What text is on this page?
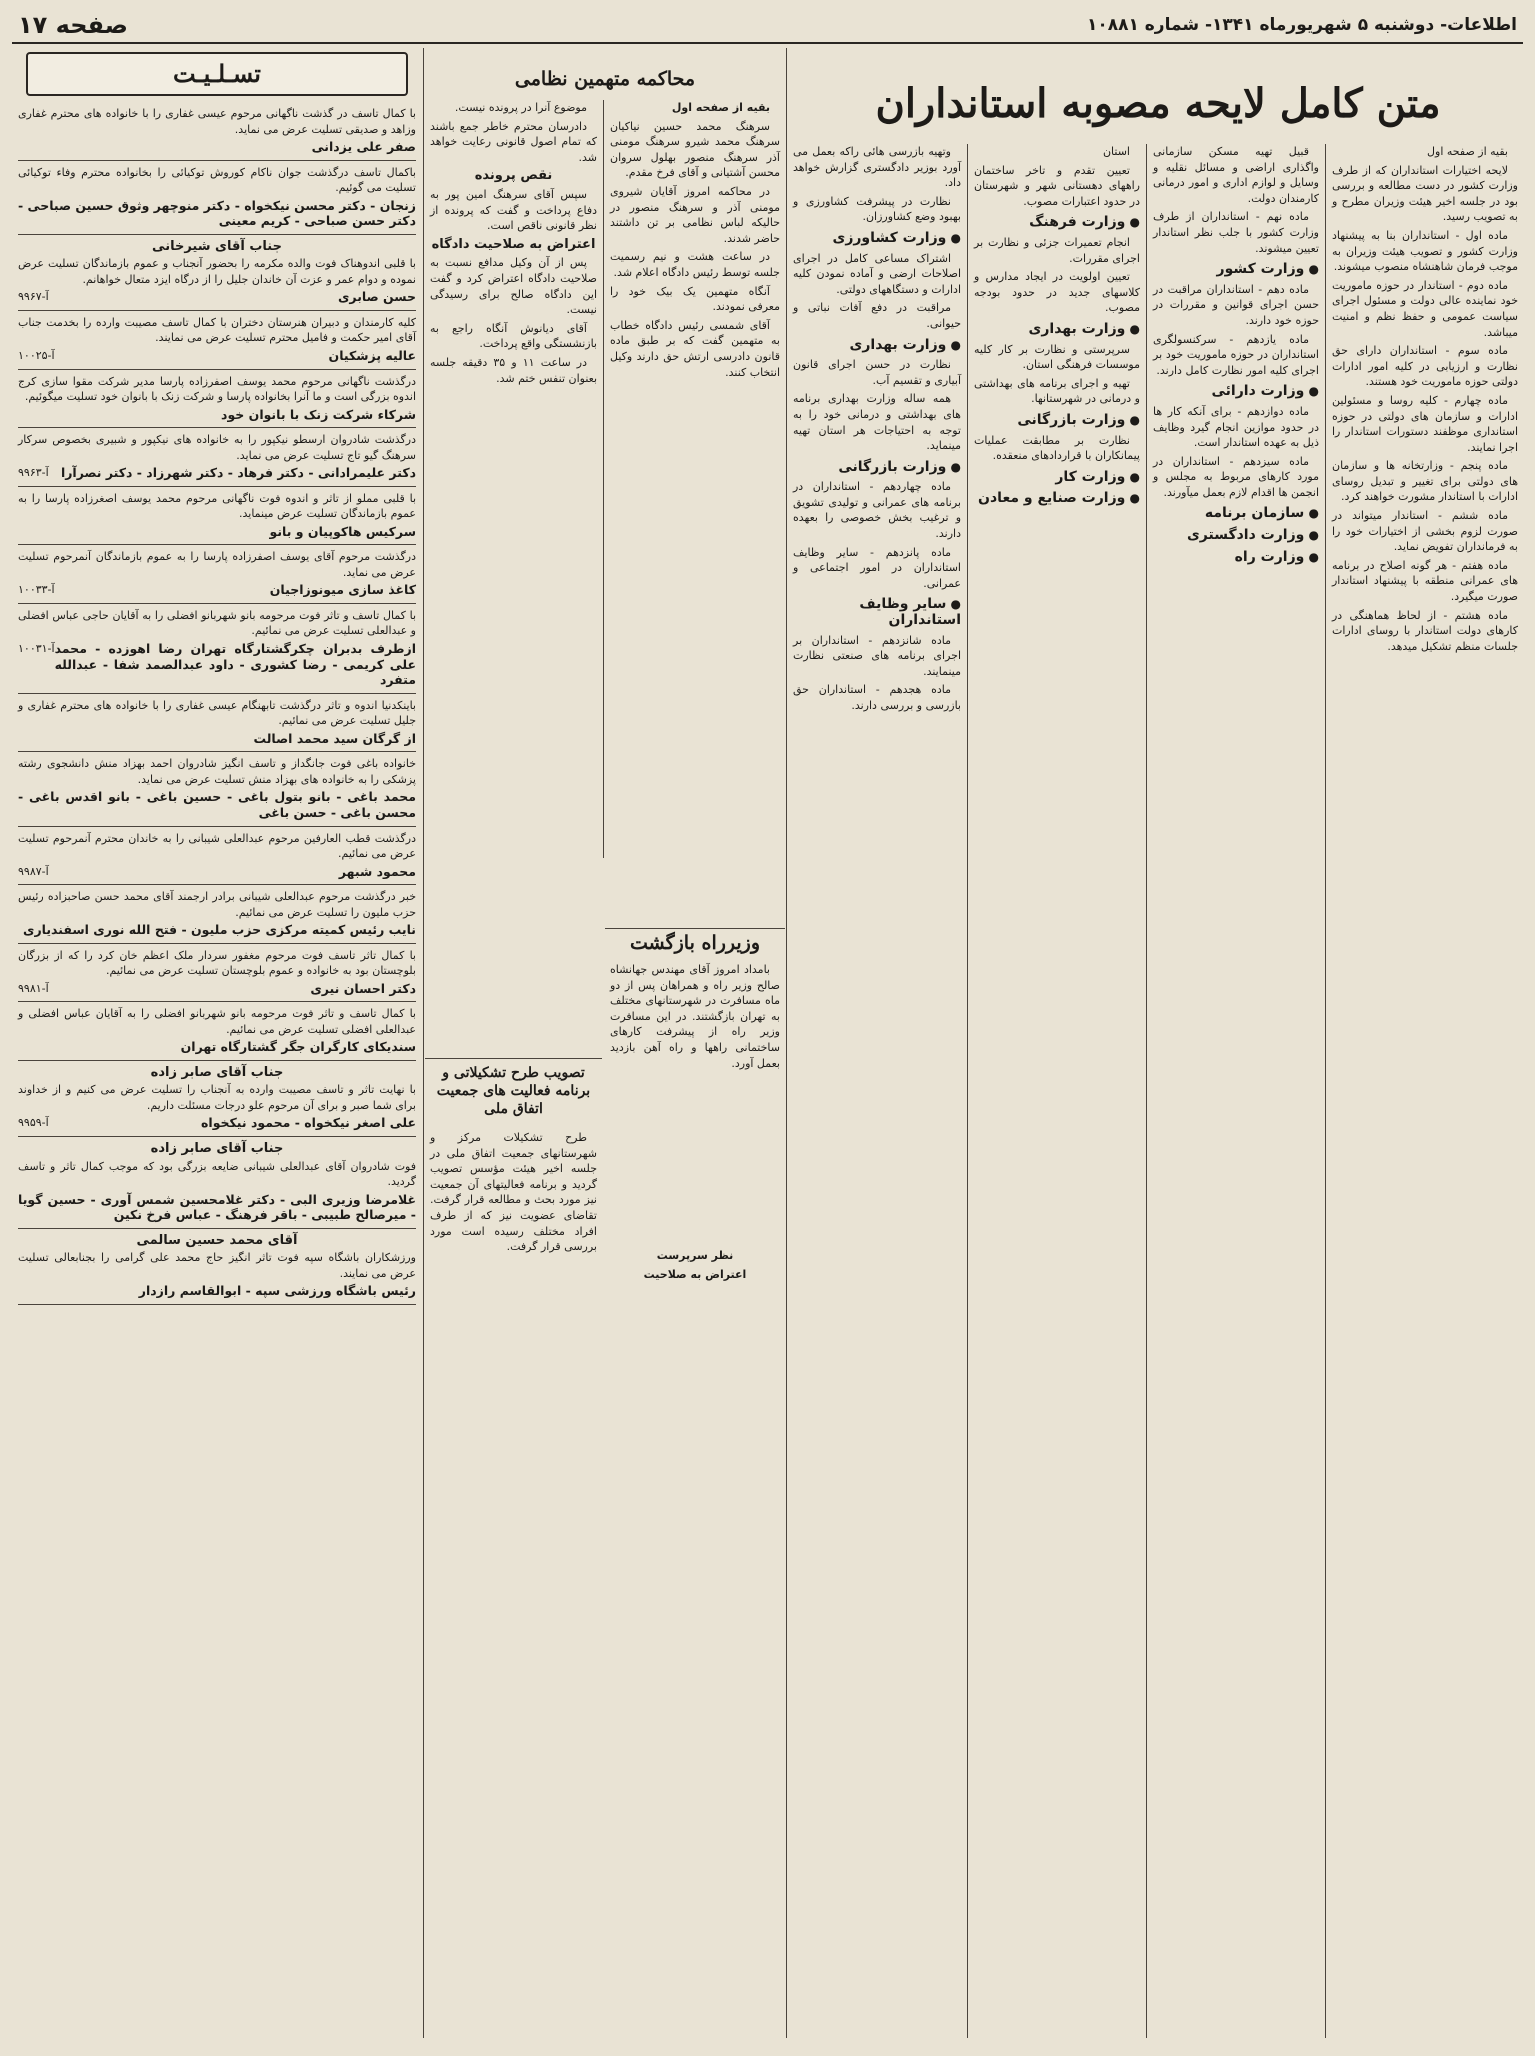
اطلاعات- دوشنبه ۵ شهریورماه ۱۳۴۱- شماره ۱۰۸۸۱
صفحه ۱۷
متن کامل لایحه مصوبه استانداران

بقیه از صفحه اول

لایحه اختیارات استانداران که از طرف وزارت کشور در دست مطالعه و بررسی بود در جلسه اخیر هیئت وزیران مطرح و به تصویب رسید.

ماده اول - استانداران بنا به پیشنهاد وزارت کشور و تصویب هیئت وزیران به موجب فرمان شاهنشاه منصوب میشوند.

ماده دوم - استاندار در حوزه ماموریت خود نماینده عالی دولت و مسئول اجرای سیاست عمومی و حفظ نظم و امنیت میباشد.

ماده سوم - استانداران دارای حق نظارت و ارزیابی در کلیه امور ادارات دولتی حوزه ماموریت خود هستند.

ماده چهارم - کلیه روسا و مسئولین ادارات و سازمان های دولتی در حوزه استانداری موظفند دستورات استاندار را اجرا نمایند.

ماده پنجم - وزارتخانه ها و سازمان های دولتی برای تغییر و تبدیل روسای ادارات با استاندار مشورت خواهند کرد.

ماده ششم - استاندار میتواند در صورت لزوم بخشی از اختیارات خود را به فرمانداران تفویض نماید.

ماده هفتم - هر گونه اصلاح در برنامه های عمرانی منطقه با پیشنهاد استاندار صورت میگیرد.

ماده هشتم - از لحاظ هماهنگی در کارهای دولت استاندار با روسای ادارات جلسات منظم تشکیل میدهد.

قبیل تهیه مسکن سازمانی واگذاری اراضی و مسائل نقلیه و وسایل و لوازم اداری و امور درمانی کارمندان دولت.

ماده نهم - استانداران از طرف وزارت کشور با جلب نظر استاندار تعیین میشوند.

● وزارت کشور

ماده دهم - استانداران مراقبت در حسن اجرای قوانین و مقررات در حوزه خود دارند.

ماده یازدهم - سرکنسولگری استانداران در حوزه ماموریت خود بر اجرای کلیه امور نظارت کامل دارند.

● وزارت دارائی

ماده دوازدهم - برای آنکه کار ها در حدود موازین انجام گیرد وظایف ذیل به عهده استاندار است.

ماده سیزدهم - استانداران در مورد کارهای مربوط به مجلس و انجمن ها اقدام لازم بعمل میآورند.

● سازمان برنامه
● وزارت دادگستری
● وزارت راه

استان

تعیین تقدم و تاخر ساختمان راههای دهستانی شهر و شهرستان در حدود اعتبارات مصوب.

● وزارت فرهنگ

انجام تعمیرات جزئی و نظارت بر اجرای مقررات.

تعیین اولویت در ایجاد مدارس و کلاسهای جدید در حدود بودجه مصوب.

● وزارت بهداری

سرپرستی و نظارت بر کار کلیه موسسات فرهنگی استان.

تهیه و اجرای برنامه های بهداشتی و درمانی در شهرستانها.

● وزارت بازرگانی

نظارت بر مطابقت عملیات پیمانکاران با قراردادهای منعقده.

● وزارت کار
● وزارت صنایع و معادن

وتهیه بازرسی هائی راکه بعمل می آورد بوزیر دادگستری گزارش خواهد داد.

نظارت در پیشرفت کشاورزی و بهبود وضع کشاورزان.

● وزارت کشاورزی

اشتراک مساعی کامل در اجرای اصلاحات ارضی و آماده نمودن کلیه ادارات و دستگاههای دولتی.

مراقبت در دفع آفات نباتی و حیوانی.

● وزارت بهداری

نظارت در حسن اجرای قانون آبیاری و تقسیم آب.

همه ساله وزارت بهداری برنامه های بهداشتی و درمانی خود را به توجه به احتیاجات هر استان تهیه مینماید.

● وزارت بازرگانی

ماده چهاردهم - استانداران در برنامه های عمرانی و تولیدی تشویق و ترغیب بخش خصوصی را بعهده دارند.

ماده پانزدهم - سایر وظایف استانداران در امور اجتماعی و عمرانی.

● سایر وظایف استانداران

ماده شانزدهم - استانداران بر اجرای برنامه های صنعتی نظارت مینمایند.

ماده هجدهم - استانداران حق بازرسی و بررسی دارند.

محاکمه متهمین نظامی

بقیه از صفحه اول

سرهنگ محمد حسین نیاکیان سرهنگ محمد شیرو سرهنگ مومنی آذر سرهنگ منصور بهلول سروان محسن آشتیانی و آقای فرخ مقدم.

در محاکمه امروز آقایان شیروی مومنی آذر و سرهنگ منصور در حالیکه لباس نظامی بر تن داشتند حاضر شدند.

در ساعت هشت و نیم رسمیت جلسه توسط رئیس دادگاه اعلام شد.

آنگاه متهمین یک بیک خود را معرفی نمودند.

آقای شمسی رئیس دادگاه خطاب به متهمین گفت که بر طبق ماده قانون دادرسی ارتش حق دارند وکیل انتخاب کنند.

موضوع آنرا در پرونده نیست.

دادرسان محترم خاطر جمع باشند که تمام اصول قانونی رعایت خواهد شد.

نقص پرونده

سپس آقای سرهنگ امین پور به دفاع پرداخت و گفت که پرونده از نظر قانونی ناقص است.

اعتراض به صلاحیت دادگاه

پس از آن وکیل مدافع نسبت به صلاحیت دادگاه اعتراض کرد و گفت این دادگاه صالح برای رسیدگی نیست.

آقای دیانوش آنگاه راجع به بازنشستگی واقع پرداخت.

در ساعت ۱۱ و ۳۵ دقیقه جلسه بعنوان تنفس ختم شد.

وزیرراه بازگشت

بامداد امروز آقای مهندس جهانشاه صالح وزیر راه و همراهان پس از دو ماه مسافرت در شهرستانهای مختلف به تهران بازگشتند. در این مسافرت وزیر راه از پیشرفت کارهای ساختمانی راهها و راه آهن بازدید بعمل آورد.

تصویب طرح تشکیلاتی و برنامه فعالیت های جمعیت اتفاق ملی

طرح تشکیلات مرکز و شهرستانهای جمعیت اتفاق ملی در جلسه اخیر هیئت مؤسس تصویب گردید و برنامه فعالیتهای آن جمعیت نیز مورد بحث و مطالعه قرار گرفت. تقاضای عضویت نیز که از طرف افراد مختلف رسیده است مورد بررسی قرار گرفت.

نظر سرپرست

اعتراض به صلاحیت

تسـلـیـت
با کمال تاسف در گذشت ناگهانی مرحوم عیسی غفاری را با خانواده های محترم غفاری وزاهد و صدیقی تسلیت عرض می نماید.
صفر علی یزدانی
باکمال تاسف درگذشت جوان ناکام کوروش توکیائی را بخانواده محترم وفاء توکیائی تسلیت می گوئیم.
زنجان - دکتر محسن نیکخواه - دکتر منوچهر وثوق حسین صباحی - دکتر حسن صباحی - کریم معینی
جناب آقای شیرخانی
با قلبی اندوهناک فوت والده مکرمه را بحضور آنجناب و عموم بازماندگان تسلیت عرض نموده و دوام عمر و عزت آن خاندان جلیل را از درگاه ایزد متعال خواهانم.
حسن صابری
آ-۹۹۶۷
کلیه کارمندان و دبیران هنرستان دختران با کمال تاسف مصیبت وارده را بخدمت جناب آقای امیر حکمت و فامیل محترم تسلیت عرض می نمایند.
عالیه پزشکیان
آ-۱۰۰۲۵
درگذشت ناگهانی مرحوم محمد یوسف اصفرزاده پارسا مدیر شرکت مقوا سازی کرج اندوه بزرگی است و ما آنرا بخانواده پارسا و شرکت زنک با بانوان خود تسلیت میگوئیم.
شرکاء شرکت زنک با بانوان خود
درگذشت شادروان ارسطو نیکپور را به خانواده های نیکپور و شبیری بخصوص سرکار سرهنگ گیو تاج تسلیت عرض می نماید.
دکتر علیمرادانی - دکتر فرهاد - دکتر شهرزاد - دکتر نصرآرا
آ-۹۹۶۳
با قلبی مملو از تاثر و اندوه فوت ناگهانی مرحوم محمد یوسف اصغرزاده پارسا را به عموم بازماندگان تسلیت عرض مینماید.
سرکیس هاکوپیان و بانو
درگذشت مرحوم آقای یوسف اصفرزاده پارسا را به عموم بازماندگان آنمرحوم تسلیت عرض می نماید.
کاغذ سازی میونوزاجیان
آ-۱۰۰۳۳
با کمال تاسف و تاثر فوت مرحومه بانو شهربانو افضلی را به آقایان حاجی عباس افضلی و عبدالعلی تسلیت عرض می نمائیم.
ازطرف بدبران چکرگشتارگاه تهران رضا اهوزده - محمد علی کریمی - رضا کشوری - داود عبدالصمد شفا - عبدالله متفرد
آ-۱۰۰۳۱
باینکدنیا اندوه و تاثر درگذشت تابهنگام عیسی غفاری را با خانواده های محترم غفاری و جلیل تسلیت عرض می نمائیم.
از گرگان سید محمد اصالت
خانواده باغی فوت جانگداز و تاسف انگیز شادروان احمد بهزاد منش دانشجوی رشته پزشکی را به خانواده های بهزاد منش تسلیت عرض می نماید.
محمد باغی - بانو بتول باغی - حسین باغی - بانو اقدس باغی - محسن باغی - حسن باغی
درگذشت قطب العارفین مرحوم عبدالعلی شیبانی را به خاندان محترم آنمرحوم تسلیت عرض می نمائیم.
محمود شبهر
آ-۹۹۸۷
خبر درگذشت مرحوم عبدالعلی شیبانی برادر ارجمند آقای محمد حسن صاحبزاده رئیس حزب ملیون را تسلیت عرض می نمائیم.
نایب رئیس کمیته مرکزی حزب ملیون - فتح الله نوری اسفندیاری
با کمال تاثر تاسف فوت مرحوم مغفور سردار ملک اعظم خان کرد را که از بزرگان بلوچستان بود به خانواده و عموم بلوچستان تسلیت عرض می نمائیم.
دکتر احسان نیری
آ-۹۹۸۱
با کمال تاسف و تاثر فوت مرحومه بانو شهربانو افضلی را به آقایان عباس افضلی و عبدالعلی افضلی تسلیت عرض می نمائیم.
سندیکای کارگران جگر گشتارگاه تهران
جناب آقای صابر زاده
با نهایت تاثر و تاسف مصیبت وارده به آنجناب را تسلیت عرض می کنیم و از خداوند برای شما صبر و برای آن مرحوم علو درجات مسئلت داریم.
علی اصغر نیکخواه - محمود نیکخواه
آ-۹۹۵۹
جناب آقای صابر زاده
فوت شادروان آقای عبدالعلی شیبانی ضایعه بزرگی بود که موجب کمال تاثر و تاسف گردید.
غلامرضا وزیری البی - دکتر غلامحسین شمس آوری - حسین گویا - میرصالح طبیبی - باقر فرهنگ - عباس فرخ نکین
آقای محمد حسین سالمی
ورزشکاران باشگاه سپه فوت تاثر انگیز حاج محمد علی گرامی را بجنابعالی تسلیت عرض می نمایند.
رئیس باشگاه ورزشی سپه - ابوالقاسم رازدار
